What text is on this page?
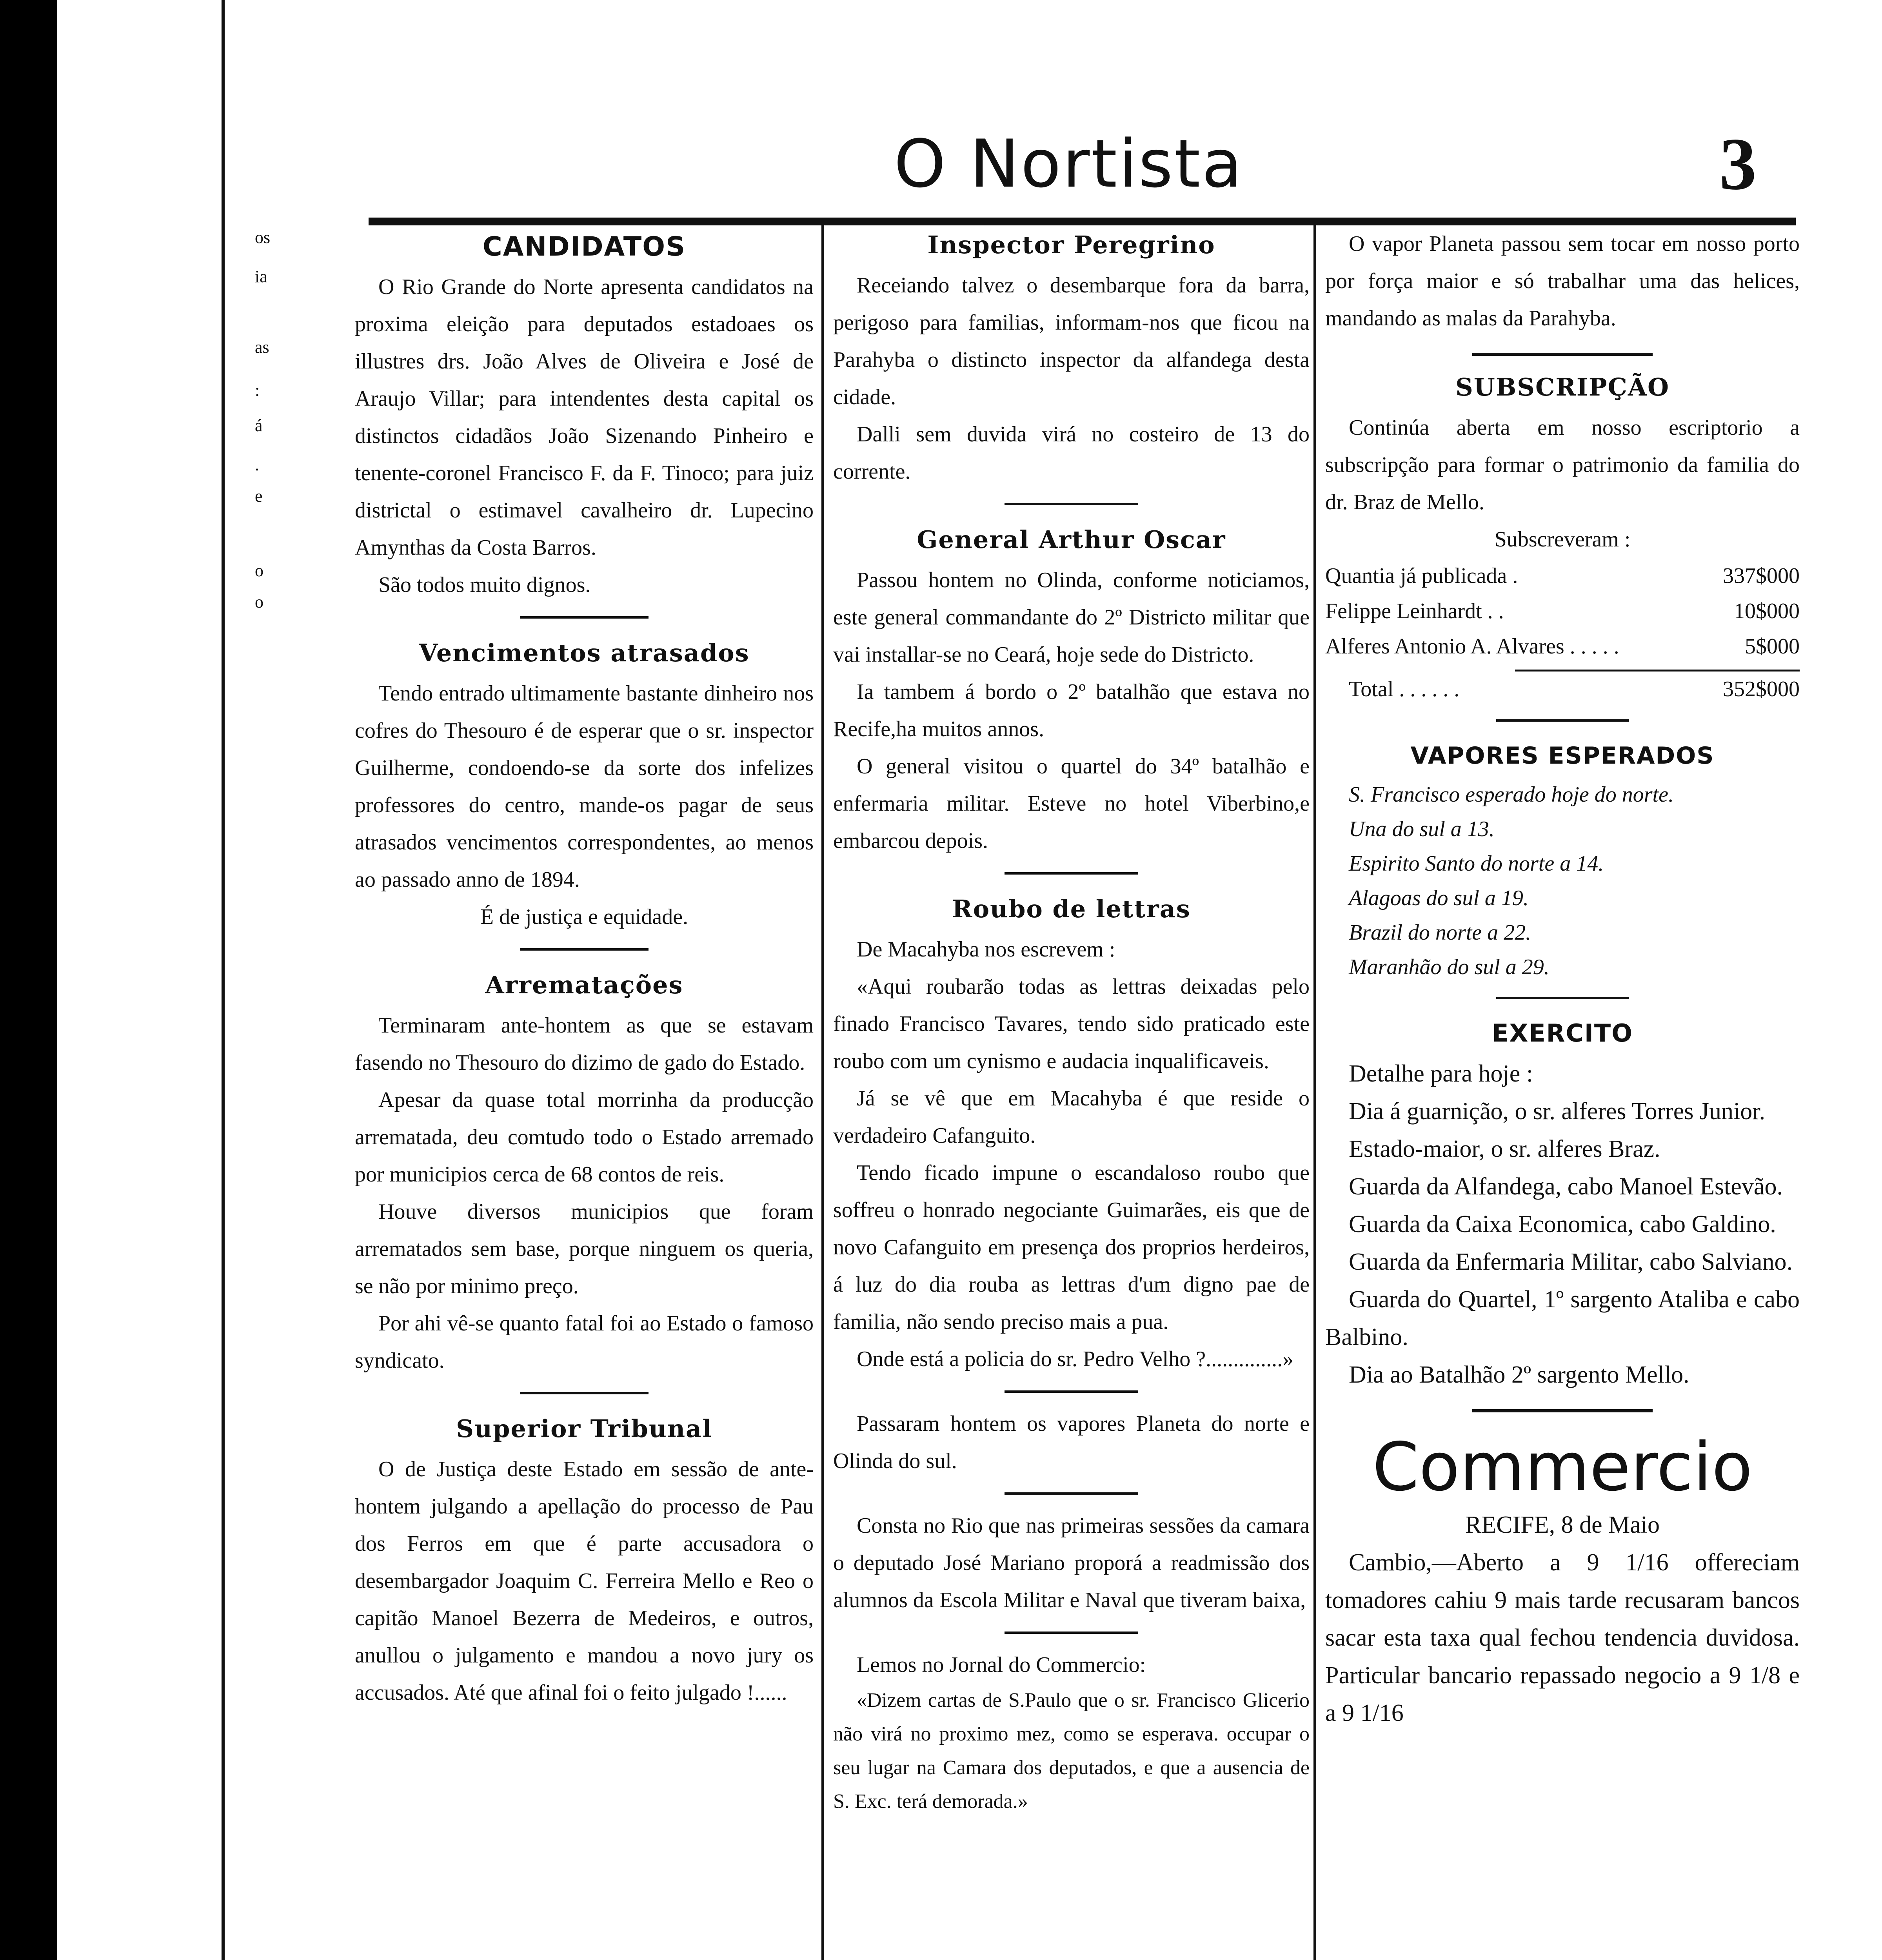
os
ia
as
:
á
.
e
o
o
O Nortista	3
CANDIDATOS

O Rio Grande do Norte apresenta candidatos na proxima eleição para deputados estadoaes os illustres drs. João Alves de Oliveira e José de Araujo Villar; para intendentes desta capital os distinctos cidadãos João Sizenando Pinheiro e tenente-coronel Francisco F. da F. Tinoco; para juiz districtal o estimavel cavalheiro dr. Lupecino Amynthas da Costa Barros.

São todos muito dignos.

Vencimentos atrasados

Tendo entrado ultimamente bastante dinheiro nos cofres do Thesouro é de esperar que o sr. inspector Guilherme, condoendo-se da sorte dos infelizes professores do centro, mande-os pagar de seus atrasados vencimentos correspondentes, ao menos ao passado anno de 1894.

É de justiça e equidade.

Arrematações

Terminaram ante-hontem as que se estavam fasendo no Thesouro do dizimo de gado do Estado.

Apesar da quase total morrinha da producção arrematada, deu comtudo todo o Estado arremado por municipios cerca de 68 contos de reis.

Houve diversos municipios que foram arrematados sem base, porque ninguem os queria, se não por minimo preço.

Por ahi vê-se quanto fatal foi ao Estado o famoso syndicato.

Superior Tribunal

O de Justiça deste Estado em sessão de ante-hontem julgando a apellação do processo de Pau dos Ferros em que é parte accusadora o desembargador Joaquim C. Ferreira Mello e Reo o capitão Manoel Bezerra de Medeiros, e outros, anullou o julgamento e mandou a novo jury os accusados. Até que afinal foi o feito julgado !......

Inspector Peregrino

Receiando talvez o desembarque fora da barra, perigoso para familias, informam-nos que ficou na Parahyba o distincto inspector da alfandega desta cidade.

Dalli sem duvida virá no costeiro de 13 do corrente.

General Arthur Oscar

Passou hontem no Olinda, conforme noticiamos, este general commandante do 2º Districto militar que vai installar-se no Ceará, hoje sede do Districto.

Ia tambem á bordo o 2º batalhão que estava no Recife,ha muitos annos.

O general visitou o quartel do 34º batalhão e enfermaria militar. Esteve no hotel Viberbino,e embarcou depois.

Roubo de lettras

De Macahyba nos escrevem :

«Aqui roubarão todas as lettras deixadas pelo finado Francisco Tavares, tendo sido praticado este roubo com um cynismo e audacia inqualificaveis.

Já se vê que em Macahyba é que reside o verdadeiro Cafanguito.

Tendo ficado impune o escandaloso roubo que soffreu o honrado negociante Guimarães, eis que de novo Cafanguito em presença dos proprios herdeiros, á luz do dia rouba as lettras d'um digno pae de familia, não sendo preciso mais a pua.

Onde está a policia do sr. Pedro Velho ?..............»

Passaram hontem os vapores Planeta do norte e Olinda do sul.

Consta no Rio que nas primeiras sessões da camara o deputado José Mariano proporá a readmissão dos alumnos da Escola Militar e Naval que tiveram baixa,

Lemos no Jornal do Commercio:

«Dizem cartas de S.Paulo que o sr. Francisco Glicerio não virá no proximo mez, como se esperava. occupar o seu lugar na Camara dos deputados, e que a ausencia de S. Exc. terá demorada.»

O vapor Planeta passou sem tocar em nosso porto por força maior e só trabalhar uma das helices, mandando as malas da Parahyba.

SUBSCRIPÇÃO

Continúa aberta em nosso escriptorio a subscripção para formar o patrimonio da familia do dr. Braz de Mello.

Subscreveram :

Quantia já publicada .	337$000
Felippe Leinhardt . .	10$000
Alferes Antonio A. Alvares . . . . .	5$000
Total . . . . . .	352$000
VAPORES ESPERADOS

S. Francisco esperado hoje do norte.

Una do sul a 13.

Espirito Santo do norte a 14.

Alagoas do sul a 19.

Brazil do norte a 22.

Maranhão do sul a 29.

EXERCITO

Detalhe para hoje :

Dia á guarnição, o sr. alferes Torres Junior.

Estado-maior, o sr. alferes Braz.

Guarda da Alfandega, cabo Manoel Estevão.

Guarda da Caixa Economica, cabo Galdino.

Guarda da Enfermaria Militar, cabo Salviano.

Guarda do Quartel, 1º sargento Ataliba e cabo Balbino.

Dia ao Batalhão 2º sargento Mello.

Commercio

RECIFE, 8 de Maio

Cambio,—Aberto a 9 1/16 offereciam tomadores cahiu 9 mais tarde recusaram bancos sacar esta taxa qual fechou tendencia duvidosa. Particular bancario repassado negocio a 9 1/8 e a 9 1/16
